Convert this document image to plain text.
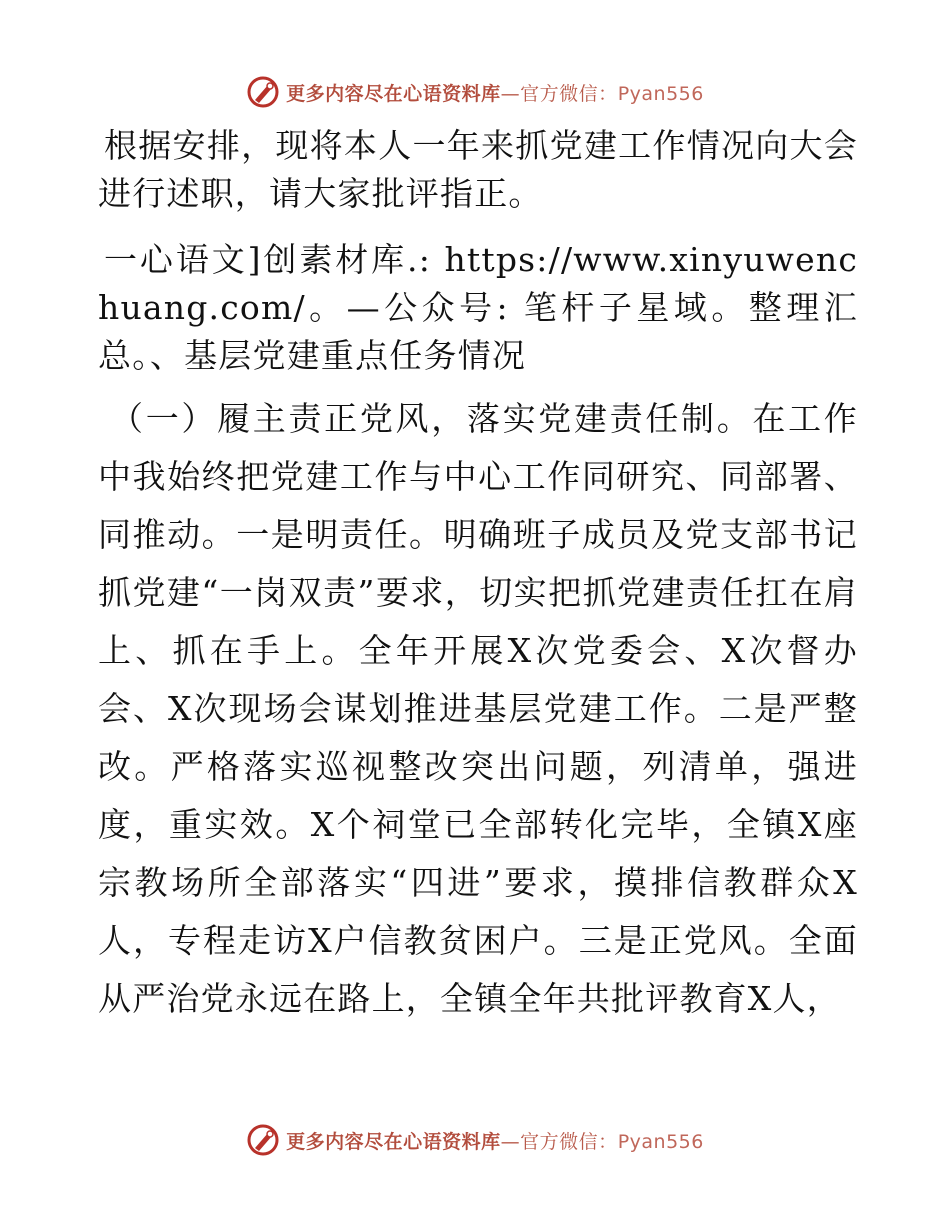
更多内容尽在心语资料库—官方微信：Pyan556

根据安排，现将本人一年来抓党建工作情况向大会进行述职，请大家批评指正。

一心语文]创素材库.: https://www.xinyuwenchuang.com/。—公众号: 笔杆子星域。整理汇总。、基层党建重点任务情况

（一）履主责正党风，落实党建责任制。在工作中我始终把党建工作与中心工作同研究、同部署、同推动。一是明责任。明确班子成员及党支部书记抓党建“一岗双责”要求，切实把抓党建责任扛在肩上、抓在手上。全年开展X次党委会、X次督办会、X次现场会谋划推进基层党建工作。二是严整改。严格落实巡视整改突出问题，列清单，强进度，重实效。X个祠堂已全部转化完毕，全镇X座宗教场所全部落实“四进”要求，摸排信教群众X人，专程走访X户信教贫困户。三是正党风。全面从严治党永远在路上，全镇全年共批评教育X人，

更多内容尽在心语资料库—官方微信：Pyan556
